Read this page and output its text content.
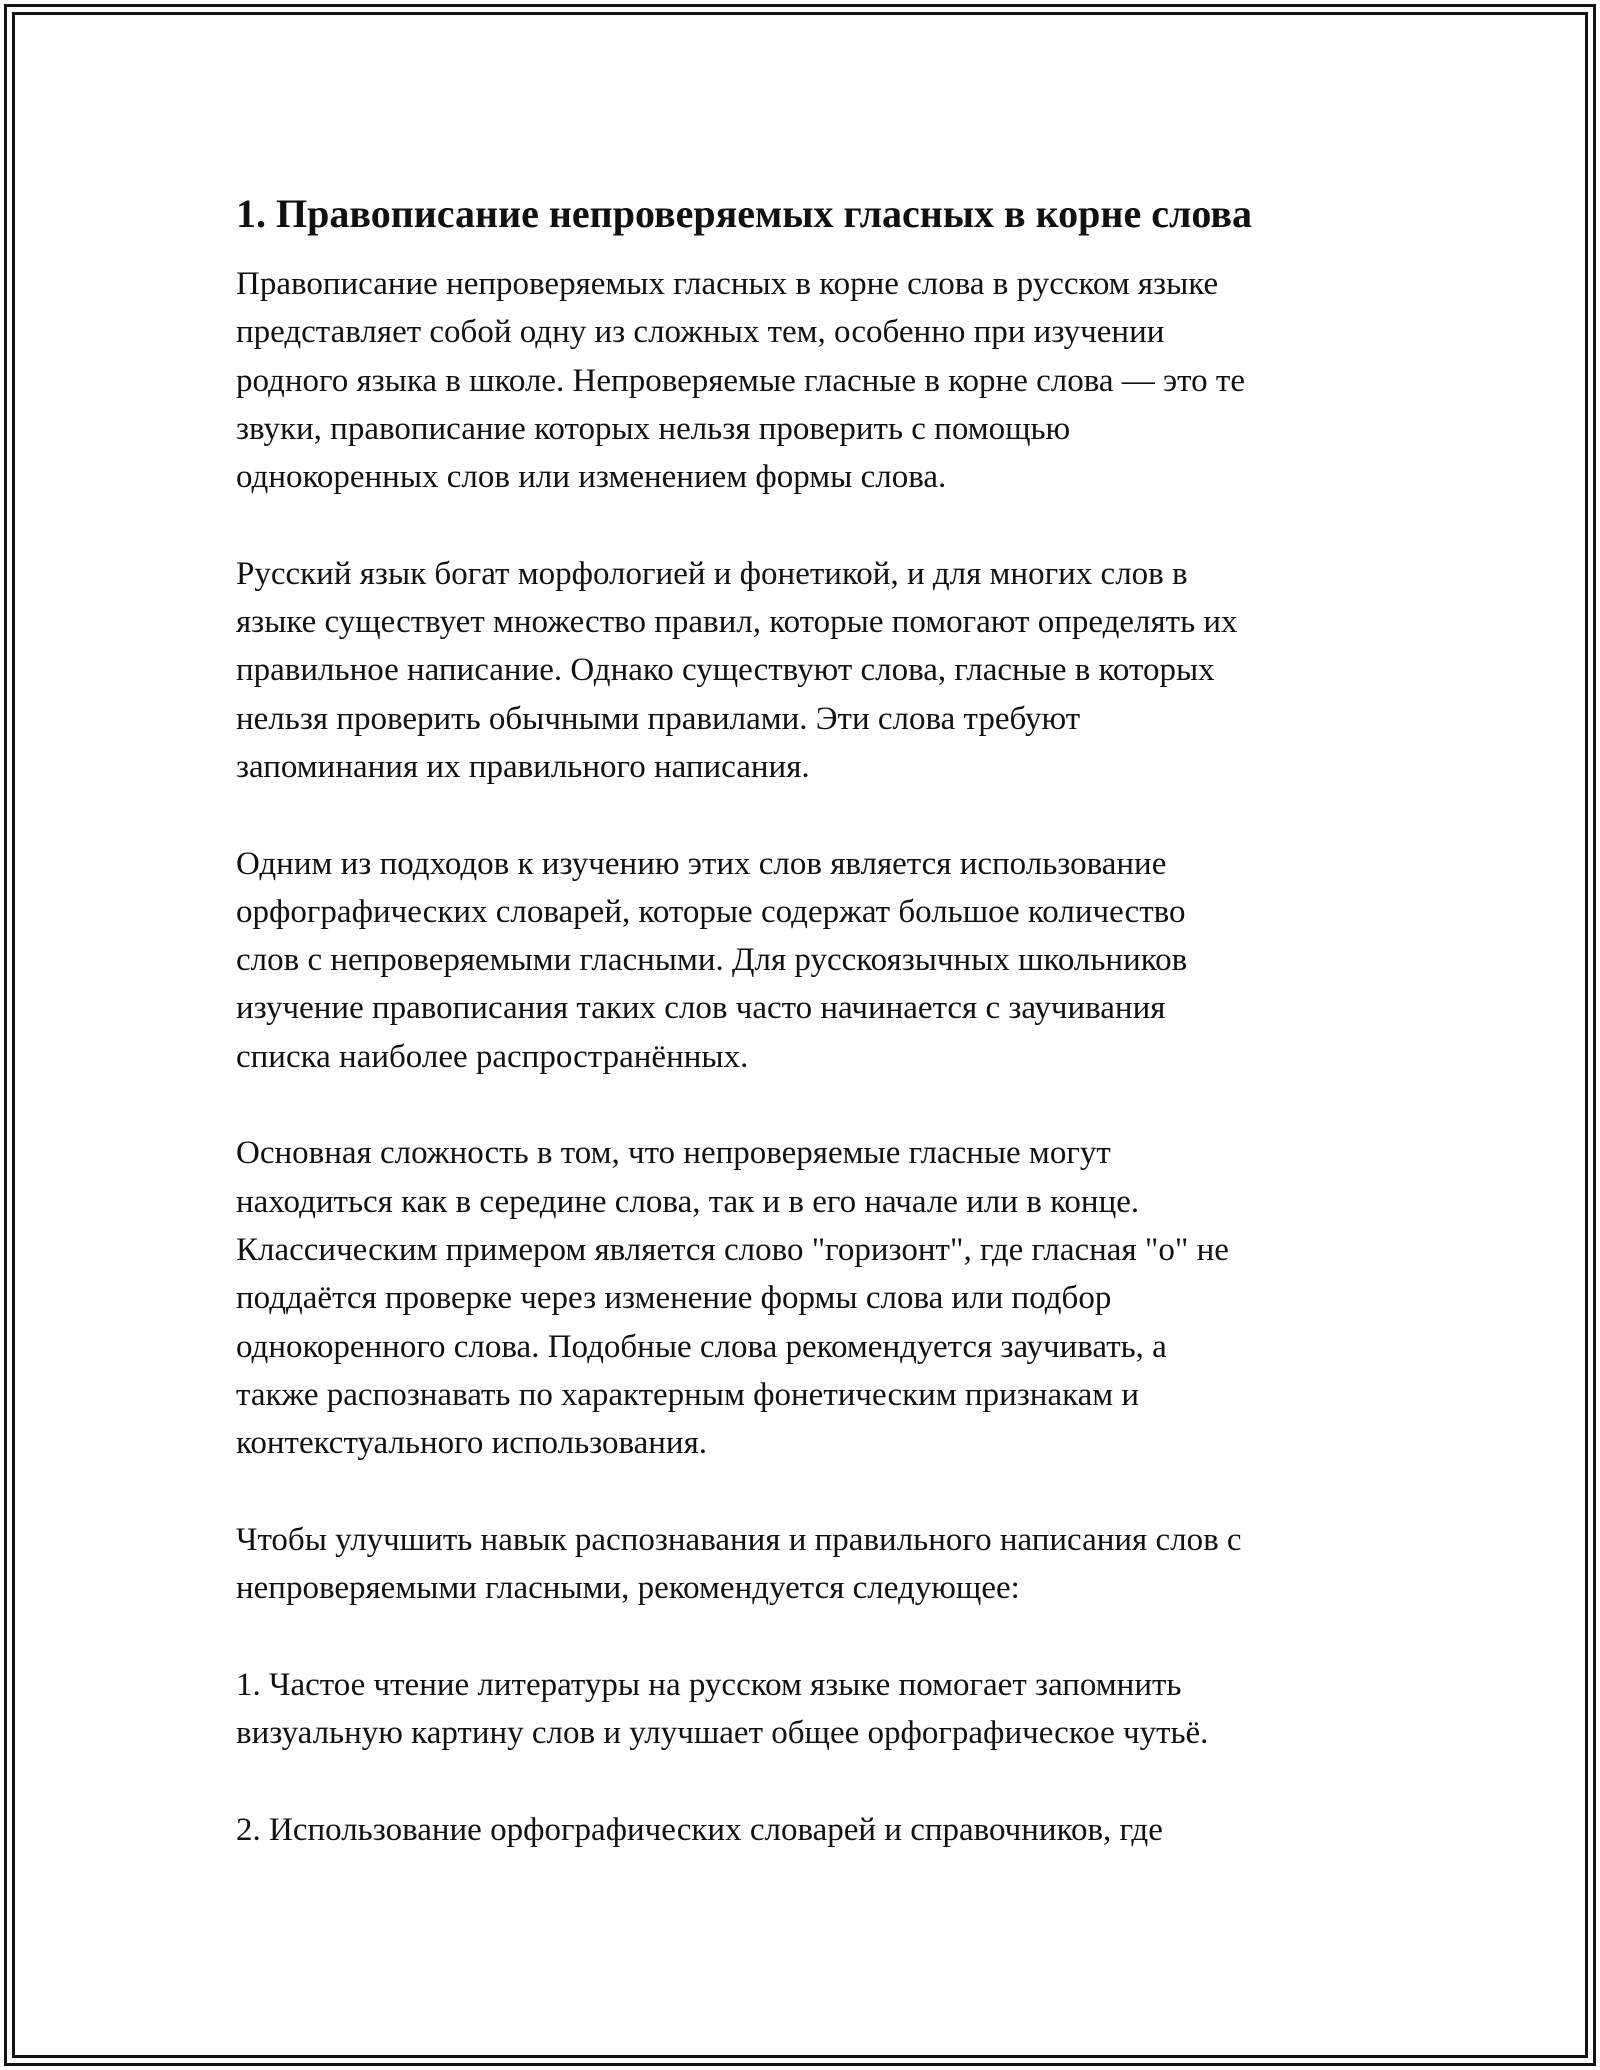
1. Правописание непроверяемых гласных в корне слова

Правописание непроверяемых гласных в корне слова в русском языке
представляет собой одну из сложных тем, особенно при изучении
родного языка в школе. Непроверяемые гласные в корне слова — это те
звуки, правописание которых нельзя проверить с помощью
однокоренных слов или изменением формы слова.

Русский язык богат морфологией и фонетикой, и для многих слов в
языке существует множество правил, которые помогают определять их
правильное написание. Однако существуют слова, гласные в которых
нельзя проверить обычными правилами. Эти слова требуют
запоминания их правильного написания.

Одним из подходов к изучению этих слов является использование
орфографических словарей, которые содержат большое количество
слов с непроверяемыми гласными. Для русскоязычных школьников
изучение правописания таких слов часто начинается с заучивания
списка наиболее распространённых.

Основная сложность в том, что непроверяемые гласные могут
находиться как в середине слова, так и в его начале или в конце.
Классическим примером является слово "горизонт", где гласная "о" не
поддаётся проверке через изменение формы слова или подбор
однокоренного слова. Подобные слова рекомендуется заучивать, а
также распознавать по характерным фонетическим признакам и
контекстуального использования.

Чтобы улучшить навык распознавания и правильного написания слов с
непроверяемыми гласными, рекомендуется следующее:

1. Частое чтение литературы на русском языке помогает запомнить
визуальную картину слов и улучшает общее орфографическое чутьё.

2. Использование орфографических словарей и справочников, где
